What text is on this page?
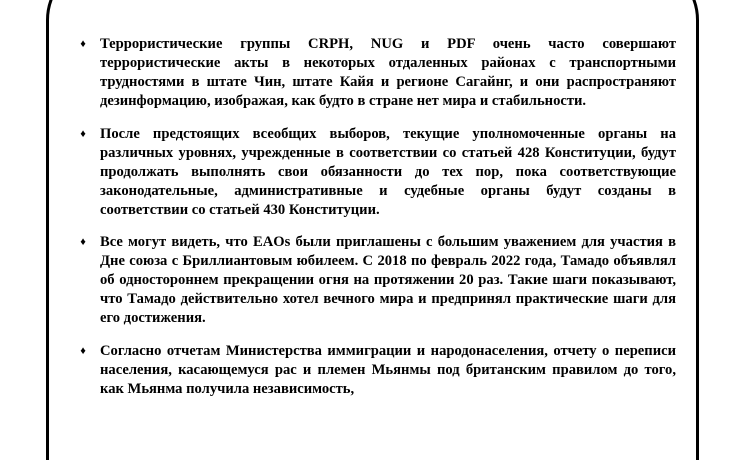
♦ Террористические группы CRPH, NUG и PDF очень часто совершают террористические акты в некоторых отдаленных районах с транспортными трудностями в штате Чин, штате Кайя и регионе Сагайнг, и они распространяют дезинформацию, изображая, как будто в стране нет мира и стабильности.
♦ После предстоящих всеобщих выборов, текущие уполномоченные органы на различных уровнях, учрежденные в соответствии со статьей 428 Конституции, будут продолжать выполнять свои обязанности до тех пор, пока соответствующие законодательные, административные и судебные органы будут созданы в соответствии со статьей 430 Конституции.
♦ Все могут видеть, что EAOs были приглашены с большим уважением для участия в Дне союза с Бриллиантовым юбилеем. С 2018 по февраль 2022 года, Тамадо объявлял об одностороннем прекращении огня на протяжении 20 раз. Такие шаги показывают, что Тамадо действительно хотел вечного мира и предпринял практические шаги для его достижения.
♦ Согласно отчетам Министерства иммиграции и народонаселения, отчету о переписи населения, касающемуся рас и племен Мьянмы под британским правилом до того, как Мьянма получила независимость,
